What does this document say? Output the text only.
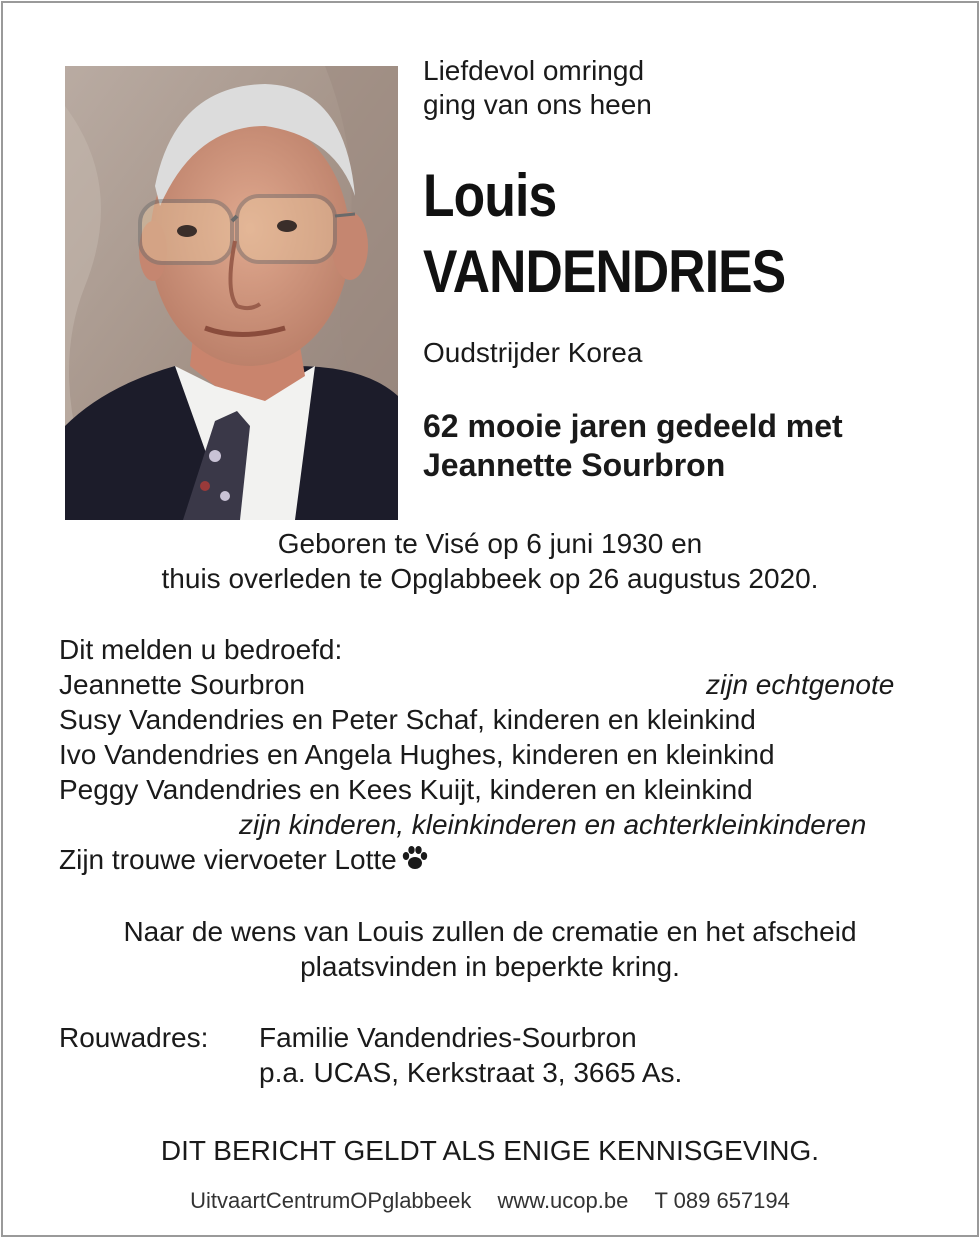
Liefdevol omringd
ging van ons heen
Louis
VANDENDRIES
Oudstrijder Korea
62 mooie jaren gedeeld met
Jeannette Sourbron
Geboren te Visé op 6 juni 1930 en
thuis overleden te Opglabbeek op 26 augustus 2020.
Dit melden u bedroefd:
Jeannette Sourbron	zijn echtgenote
Susy Vandendries en Peter Schaf, kinderen en kleinkind
Ivo Vandendries en Angela Hughes, kinderen en kleinkind
Peggy Vandendries en Kees Kuijt, kinderen en kleinkind
zijn kinderen, kleinkinderen en achterkleinkinderen
Zijn trouwe viervoeter Lotte
Naar de wens van Louis zullen de crematie en het afscheid
plaatsvinden in beperkte kring.
Rouwadres: Familie Vandendries-Sourbron
p.a. UCAS, Kerkstraat 3, 3665 As.
DIT BERICHT GELDT ALS ENIGE KENNISGEVING.
UitvaartCentrumOPglabbeek www.ucop.be T 089 657194
